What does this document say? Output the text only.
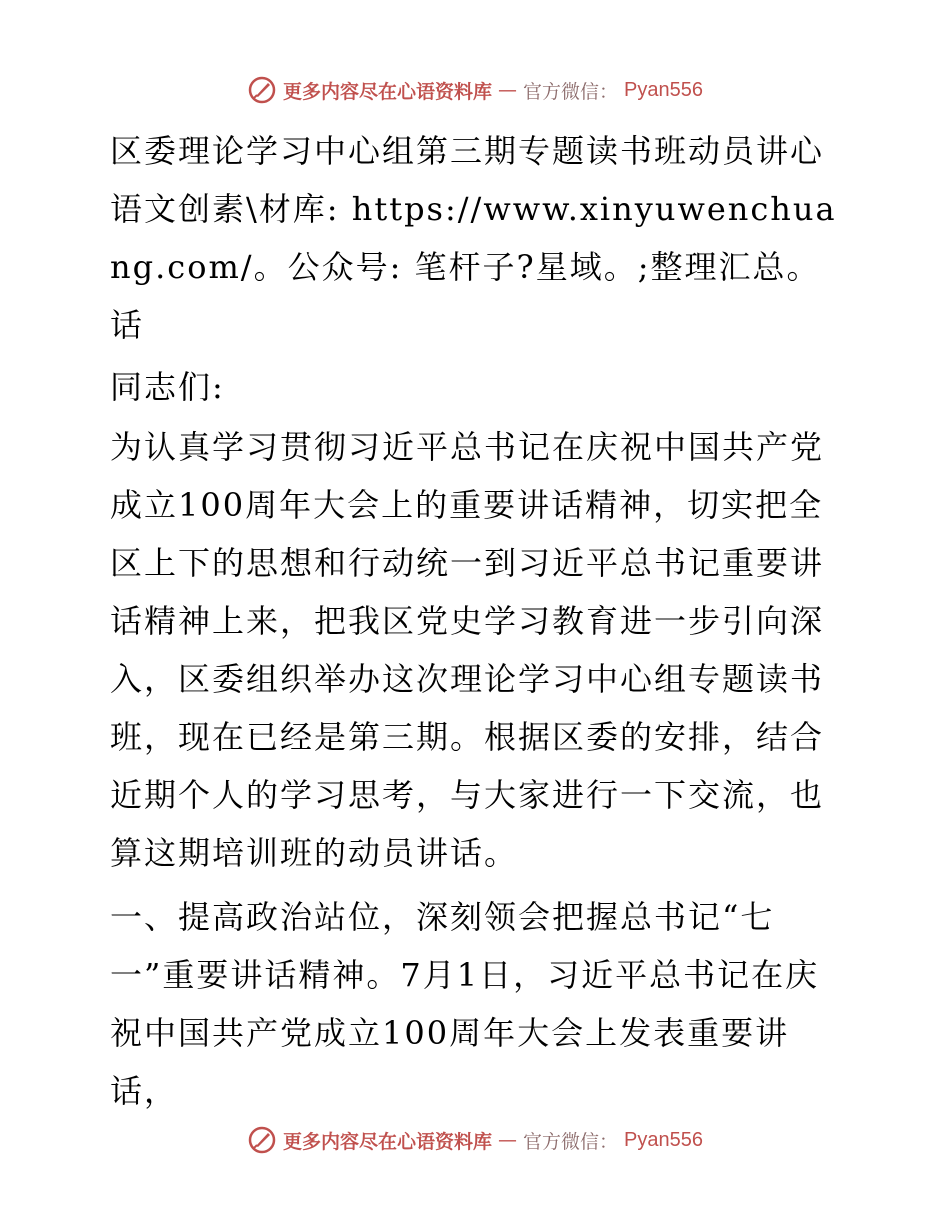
更多内容尽在心语资料库 — 官方微信： Pyan556

区委理论学习中心组第三期专题读书班动员讲心语文创素\材库: https://www.xinyuwenchuang.com/。公众号: 笔杆子?星域。;整理汇总。话

同志们:

为认真学习贯彻习近平总书记在庆祝中国共产党成立100周年大会上的重要讲话精神，切实把全区上下的思想和行动统一到习近平总书记重要讲话精神上来，把我区党史学习教育进一步引向深入，区委组织举办这次理论学习中心组专题读书班，现在已经是第三期。根据区委的安排，结合近期个人的学习思考，与大家进行一下交流，也算这期培训班的动员讲话。

一、提高政治站位，深刻领会把握总书记“七一”重要讲话精神。7月1日，习近平总书记在庆祝中国共产党成立100周年大会上发表重要讲话，

更多内容尽在心语资料库 — 官方微信： Pyan556
